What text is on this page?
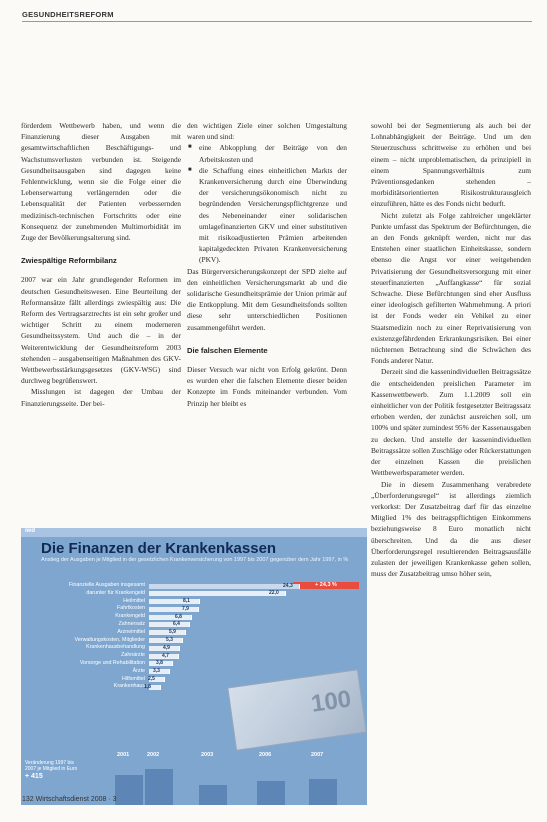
GESUNDHEITSREFORM

förderdem Wettbewerb haben, und wenn die Finanzierung dieser Ausgaben mit gesamtwirtschaftlichen Beschäftigungs- und Wachstumsverlusten verbunden ist. Steigende Gesundheitsausgaben sind dagegen keine Fehlentwicklung, wenn sie die Folge einer die Lebenserwartung verlängernden oder die Lebensqualität der Patienten verbessernden medizinisch-technischen Fortschritts oder eine Konsequenz der zunehmenden Multimorbidität im Zuge der Bevölkerungsalterung sind.

Zwiespältige Reformbilanz

2007 war ein Jahr grundlegender Reformen im deutschen Gesundheitswesen. Eine Beurteilung der Reformansätze fällt allerdings zwiespältig aus: Die Reform des Vertragsarztrechts ist ein sehr großer und wichtiger Schritt zu einem moderneren Gesundheitssystem. Und auch die – in der Weiterentwicklung der Gesundheitsreform 2003 stehenden – ausgabenseitigen Maßnahmen des GKV-Wettbewerbsstärkungsgesetzes (GKV-WSG) sind durchweg begrüßenswert.

Misslungen ist dagegen der Umbau der Finanzierungsseite. Der bei-

den wichtigen Ziele einer solchen Umgestaltung waren und sind:

■ eine Abkopplung der Beiträge von den Arbeitskosten und
■ die Schaffung eines einheitlichen Markts der Krankenversicherung durch eine Überwindung der versicherungsökonomisch nicht zu begründenden Versicherungspflichtgrenze und des Nebeneinander einer solidarischen umlagefinanzierten GKV und einer substitutiven mit risikoadjustierten Prämien arbeitenden kapitalgedeckten Privaten Krankenversicherung (PKV).

Das Bürgerversicherungskonzept der SPD zielte auf den einheitlichen Versicherungsmarkt ab und die solidarische Gesundheitsprämie der Union primär auf die Entkopplung. Mit dem Gesundheitsfonds sollten diese sehr unterschiedlichen Positionen zusammengeführt werden.

Die falschen Elemente

Dieser Versuch war nicht von Erfolg gekrönt. Denn es wurden eher die falschen Elemente dieser beiden Konzepte im Fonds miteinander verbunden. Vom Prinzip her bleibt es

sowohl bei der Segmentierung als auch bei der Lohnabhängigkeit der Beiträge. Und um den Steuerzuschuss schrittweise zu erhöhen und bei einem – nicht unproblematischen, da prinzipiell in einem Spannungsverhältnis zum Präventionsgedanken stehenden – morbiditätsorientierten Risikostrukturausgleich einzuführen, hätte es des Fonds nicht bedurft.

Nicht zuletzt als Folge zahlreicher ungeklärter Punkte umfasst das Spektrum der Befürchtungen, die an den Fonds geknüpft werden, nicht nur das Entstehen einer staatlichen Einheitskasse, sondern ebenso die Angst vor einer weitgehenden Privatisierung der Gesundheitsversorgung mit einer steuerfinanzierten „Auffangkasse“ für sozial Schwache. Diese Befürchtungen sind eher Ausfluss einer ideologisch gefilterten Wahrnehmung. A priori ist der Fonds weder ein Vehikel zu einer Staatsmedizin noch zu einer Reprivatisierung von existenzgefährdenden Erkrankungsrisiken. Bei einer nüchternen Betrachtung sind die Schwächen des Fonds anderer Natur.

Derzeit sind die kassenindividuellen Beitragssätze die entscheidenden preislichen Parameter im Kassenwettbewerb. Zum 1.1.2009 soll ein einheitlicher von der Politik festgesetzter Beitragssatz erhoben werden, der zunächst ausreichen soll, um 100% und später zumindest 95% der Kassenausgaben zu decken. Und anstelle der kassenindividuellen Beitragssätze sollen Zuschläge oder Rückerstattungen der einzelnen Kassen die preislichen Wettbewerbsparameter werden.

Die in diesem Zusammenhang verabredete „Überforderungsregel“ ist allerdings ziemlich verkorkst: Der Zusatzbeitrag darf für das einzelne Mitglied 1% des beitragspflichtigen Einkommens beziehungsweise 8 Euro monatlich nicht überschreiten. Und da die aus dieser Überforderungsregel resultierenden Beitragsausfälle zulasten der jeweiligen Krankenkasse gehen sollen, muss der Zusatzbeitrag umso höher sein,

iwd
Die Finanzen der Krankenkassen
Anstieg der Ausgaben je Mitglied in der gesetzlichen Krankenversicherung von 1997 bis 2007 gegenüber dem Jahr 1997, in %
+ 24,3 %
100
Finanzielle Ausgaben insgesamt	24,3
darunter für Krankengeld	22,0
Heilmittel	8,1
Fahrtkosten	7,9
Krankengeld	6,8
Zahnersatz	6,4
Arzneimittel	5,9
Verwaltungskosten, Mitglieder	5,3
Krankenhausbehandlung	4,9
Zahnärzte	4,7
Vorsorge und Rehabilitation 3,8
Ärzte 3,3
Hilfsmittel 2,5
Krankenhaus 1,8
Veränderung 1997 bis 2007 je Mitglied in Euro
+ 415
2001	2002	2003	2006	2007
132 Wirtschaftsdienst 2008 · 3
